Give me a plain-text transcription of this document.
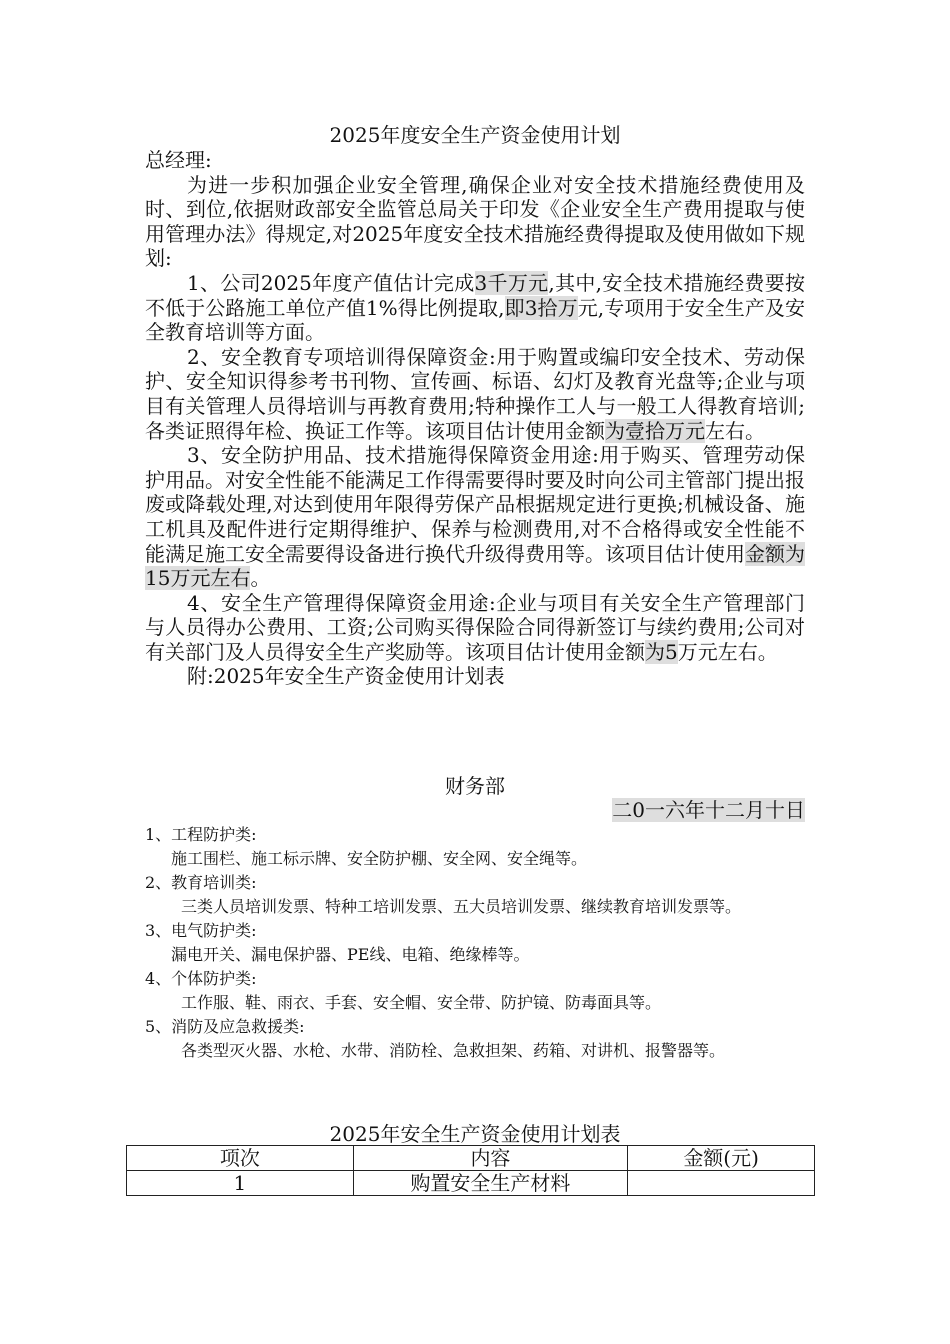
2025年度安全生产资金使用计划

总经理:

为进一步积加强企业安全管理,确保企业对安全技术措施经费使用及时、到位,依据财政部安全监管总局关于印发《企业安全生产费用提取与使用管理办法》得规定,对2025年度安全技术措施经费得提取及使用做如下规划:

1、公司2025年度产值估计完成3千万元,其中,安全技术措施经费要按不低于公路施工单位产值1%得比例提取,即3拾万元,专项用于安全生产及安全教育培训等方面。

2、安全教育专项培训得保障资金:用于购置或编印安全技术、劳动保护、安全知识得参考书刊物、宣传画、标语、幻灯及教育光盘等;企业与项目有关管理人员得培训与再教育费用;特种操作工人与一般工人得教育培训;各类证照得年检、换证工作等。该项目估计使用金额为壹拾万元左右。

3、安全防护用品、技术措施得保障资金用途:用于购买、管理劳动保护用品。对安全性能不能满足工作得需要得时要及时向公司主管部门提出报废或降载处理,对达到使用年限得劳保产品根据规定进行更换;机械设备、施工机具及配件进行定期得维护、保养与检测费用,对不合格得或安全性能不能满足施工安全需要得设备进行换代升级得费用等。该项目估计使用金额为15万元左右。

4、安全生产管理得保障资金用途:企业与项目有关安全生产管理部门与人员得办公费用、工资;公司购买得保险合同得新签订与续约费用;公司对有关部门及人员得安全生产奖励等。该项目估计使用金额为5万元左右。

附:2025年安全生产资金使用计划表

财务部
二0一六年十二月十日

1、工程防护类:

施工围栏、施工标示牌、安全防护棚、安全网、安全绳等。

2、教育培训类:

三类人员培训发票、特种工培训发票、五大员培训发票、继续教育培训发票等。

3、电气防护类:

漏电开关、漏电保护器、PE线、电箱、绝缘棒等。

4、个体防护类:

工作服、鞋、雨衣、手套、安全帽、安全带、防护镜、防毒面具等。

5、消防及应急救援类:

各类型灭火器、水枪、水带、消防栓、急救担架、药箱、对讲机、报警器等。

2025年安全生产资金使用计划表
项次	内容	金额(元)
1	购置安全生产材料	
